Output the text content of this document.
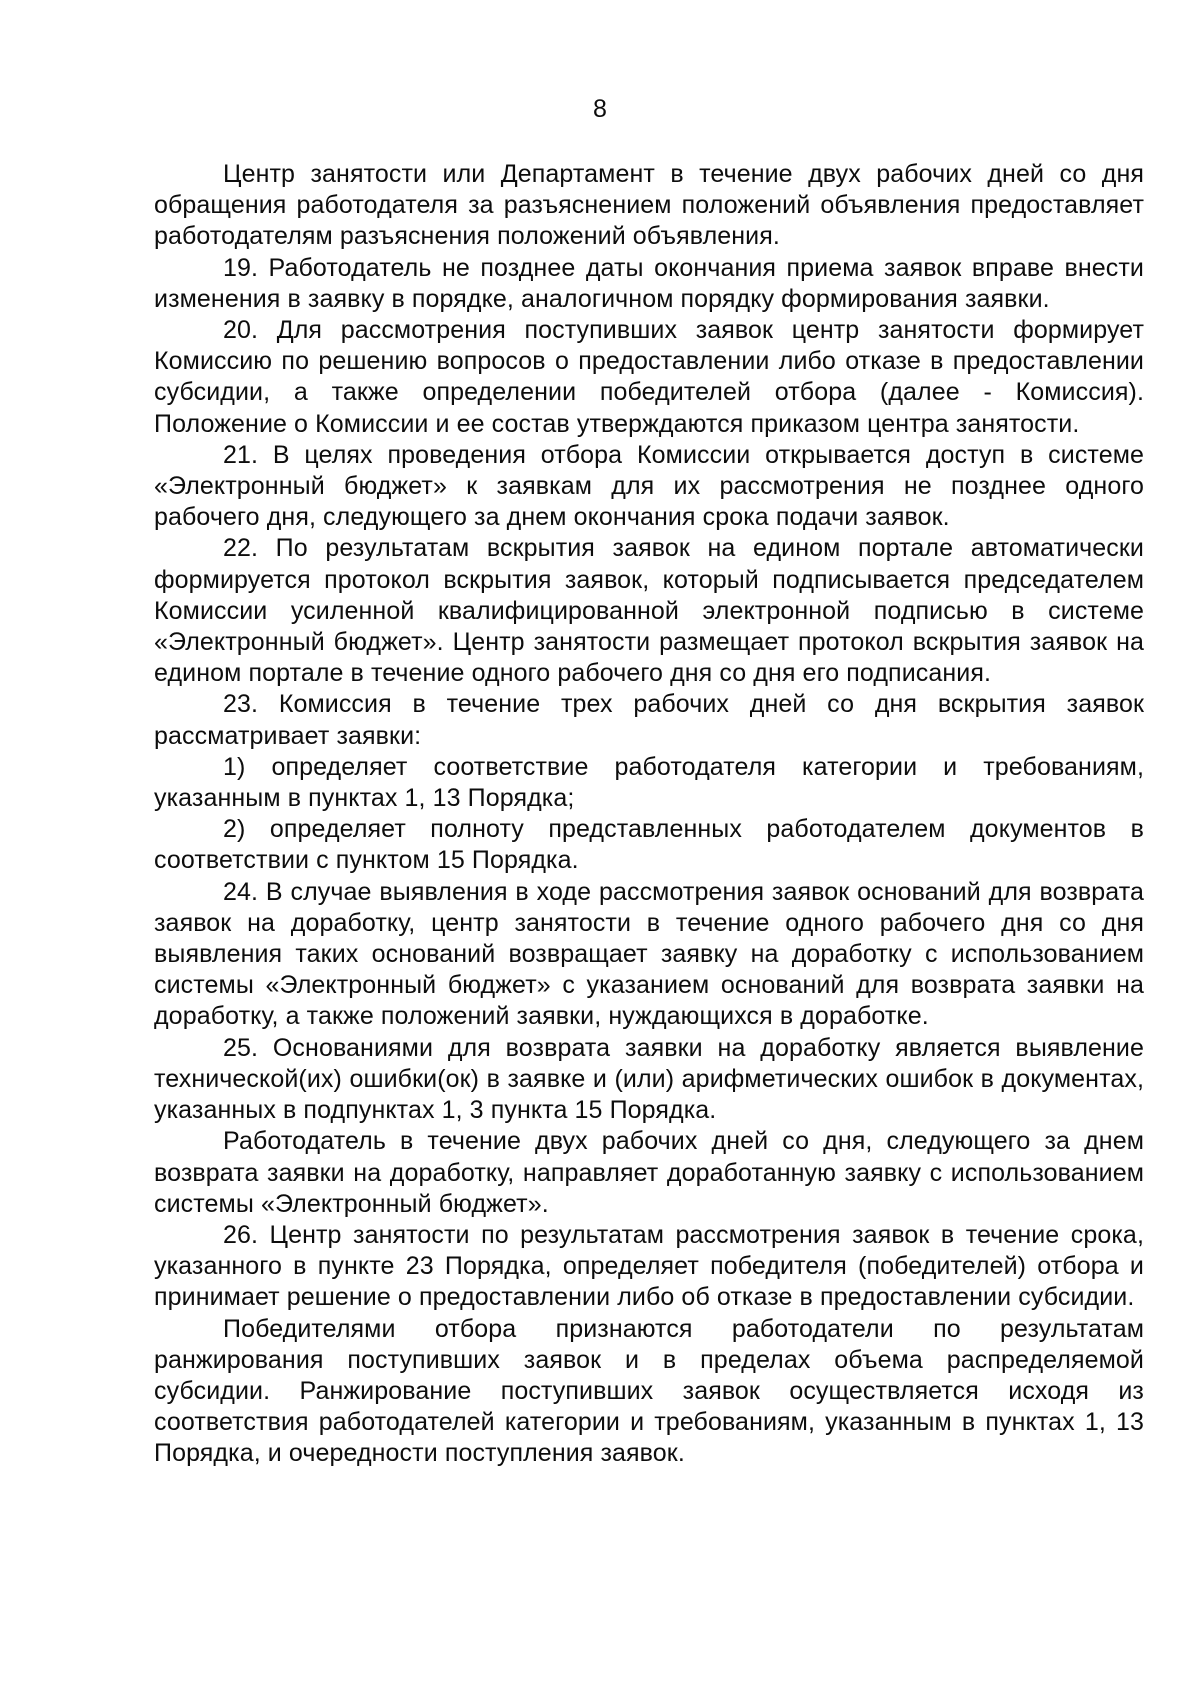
8

Центр занятости или Департамент в течение двух рабочих дней со дня обращения работодателя за разъяснением положений объявления предоставляет работодателям разъяснения положений объявления.

19. Работодатель не позднее даты окончания приема заявок вправе внести изменения в заявку в порядке, аналогичном порядку формирования заявки.

20. Для рассмотрения поступивших заявок центр занятости формирует Комиссию по решению вопросов о предоставлении либо отказе в предоставлении субсидии, а также определении победителей отбора (далее - Комиссия). Положение о Комиссии и ее состав утверждаются приказом центра занятости.

21. В целях проведения отбора Комиссии открывается доступ в системе «Электронный бюджет» к заявкам для их рассмотрения не позднее одного рабочего дня, следующего за днем окончания срока подачи заявок.

22. По результатам вскрытия заявок на едином портале автоматически формируется протокол вскрытия заявок, который подписывается председателем Комиссии усиленной квалифицированной электронной подписью в системе «Электронный бюджет». Центр занятости размещает протокол вскрытия заявок на едином портале в течение одного рабочего дня со дня его подписания.

23. Комиссия в течение трех рабочих дней со дня вскрытия заявок рассматривает заявки:

1) определяет соответствие работодателя категории и требованиям, указанным в пунктах 1, 13 Порядка;

2) определяет полноту представленных работодателем документов в соответствии с пунктом 15 Порядка.

24. В случае выявления в ходе рассмотрения заявок оснований для возврата заявок на доработку, центр занятости в течение одного рабочего дня со дня выявления таких оснований возвращает заявку на доработку с использованием системы «Электронный бюджет» с указанием оснований для возврата заявки на доработку, а также положений заявки, нуждающихся в доработке.

25. Основаниями для возврата заявки на доработку является выявление технической(их) ошибки(ок) в заявке и (или) арифметических ошибок в документах, указанных в подпунктах 1, 3 пункта 15 Порядка.

Работодатель в течение двух рабочих дней со дня, следующего за днем возврата заявки на доработку, направляет доработанную заявку с использованием системы «Электронный бюджет».

26. Центр занятости по результатам рассмотрения заявок в течение срока, указанного в пункте 23 Порядка, определяет победителя (победителей) отбора и принимает решение о предоставлении либо об отказе в предоставлении субсидии.

Победителями отбора признаются работодатели по результатам ранжирования поступивших заявок и в пределах объема распределяемой субсидии. Ранжирование поступивших заявок осуществляется исходя из соответствия работодателей категории и требованиям, указанным в пунктах 1, 13 Порядка, и очередности поступления заявок.
